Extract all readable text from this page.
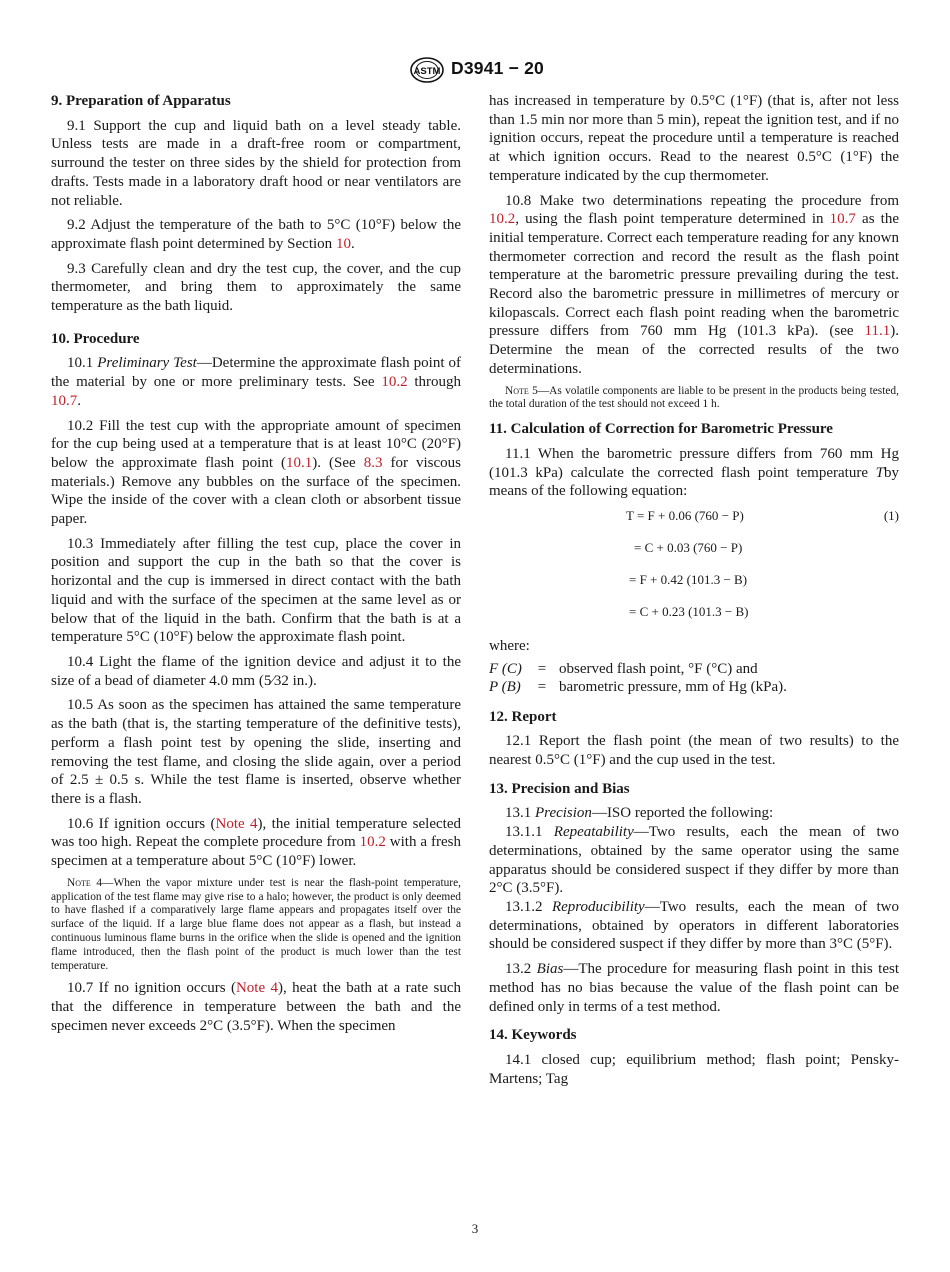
ASTM D3941 − 20

9. Preparation of Apparatus

9.1 Support the cup and liquid bath on a level steady table. Unless tests are made in a draft-free room or compartment, surround the tester on three sides by the shield for protection from drafts. Tests made in a laboratory draft hood or near ventilators are not reliable.

9.2 Adjust the temperature of the bath to 5°C (10°F) below the approximate flash point determined by Section 10.

9.3 Carefully clean and dry the test cup, the cover, and the cup thermometer, and bring them to approximately the same temperature as the bath liquid.

10. Procedure

10.1 Preliminary Test—Determine the approximate flash point of the material by one or more preliminary tests. See 10.2 through 10.7.

10.2 Fill the test cup with the appropriate amount of specimen for the cup being used at a temperature that is at least 10°C (20°F) below the approximate flash point (10.1). (See 8.3 for viscous materials.) Remove any bubbles on the surface of the specimen. Wipe the inside of the cover with a clean cloth or absorbent tissue paper.

10.3 Immediately after filling the test cup, place the cover in position and support the cup in the bath so that the cover is horizontal and the cup is immersed in direct contact with the bath liquid and with the surface of the specimen at the same level as or below that of the liquid in the bath. Confirm that the bath is at a temperature 5°C (10°F) below the approximate flash point.

10.4 Light the flame of the ignition device and adjust it to the size of a bead of diameter 4.0 mm (5⁄32 in.).

10.5 As soon as the specimen has attained the same temperature as the bath (that is, the starting temperature of the definitive tests), perform a flash point test by opening the slide, inserting and removing the test flame, and closing the slide again, over a period of 2.5 ± 0.5 s. While the test flame is inserted, observe whether there is a flash.

10.6 If ignition occurs (Note 4), the initial temperature selected was too high. Repeat the complete procedure from 10.2 with a fresh specimen at a temperature about 5°C (10°F) lower.

Note 4—When the vapor mixture under test is near the flash-point temperature, application of the test flame may give rise to a halo; however, the product is only deemed to have flashed if a comparatively large flame appears and propagates itself over the surface of the liquid. If a large blue flame does not appear as a flash, but instead a continuous luminous flame burns in the orifice when the slide is opened and the ignition flame introduced, then the flash point of the product is much lower than the test temperature.

10.7 If no ignition occurs (Note 4), heat the bath at a rate such that the difference in temperature between the bath and the specimen never exceeds 2°C (3.5°F). When the specimen

has increased in temperature by 0.5°C (1°F) (that is, after not less than 1.5 min nor more than 5 min), repeat the ignition test, and if no ignition occurs, repeat the procedure until a temperature is reached at which ignition occurs. Read to the nearest 0.5°C (1°F) the temperature indicated by the cup thermometer.

10.8 Make two determinations repeating the procedure from 10.2, using the flash point temperature determined in 10.7 as the initial temperature. Correct each temperature reading for any known thermometer correction and record the result as the flash point temperature at the barometric pressure prevailing during the test. Record also the barometric pressure in millimetres of mercury or kilopascals. Correct each flash point reading when the barometric pressure differs from 760 mm Hg (101.3 kPa). (see 11.1). Determine the mean of the corrected results of the two determinations.

Note 5—As volatile components are liable to be present in the products being tested, the total duration of the test should not exceed 1 h.

11. Calculation of Correction for Barometric Pressure

11.1 When the barometric pressure differs from 760 mm Hg (101.3 kPa) calculate the corrected flash point temperature Tby means of the following equation:

T = F + 0.06 (760 − P)	(1)
= C + 0.03 (760 − P)
= F + 0.42 (101.3 − B)
= C + 0.23 (101.3 − B)

where:

F (C)	= observed flash point, °F (°C) and
P (B)	= barometric pressure, mm of Hg (kPa).

12. Report

12.1 Report the flash point (the mean of two results) to the nearest 0.5°C (1°F) and the cup used in the test.

13. Precision and Bias

13.1 Precision—ISO reported the following:

13.1.1 Repeatability—Two results, each the mean of two determinations, obtained by the same operator using the same apparatus should be considered suspect if they differ by more than 2°C (3.5°F).

13.1.2 Reproducibility—Two results, each the mean of two determinations, obtained by operators in different laboratories should be considered suspect if they differ by more than 3°C (5°F).

13.2 Bias—The procedure for measuring flash point in this test method has no bias because the value of the flash point can be defined only in terms of a test method.

14. Keywords

14.1 closed cup; equilibrium method; flash point; Pensky-Martens; Tag

3
